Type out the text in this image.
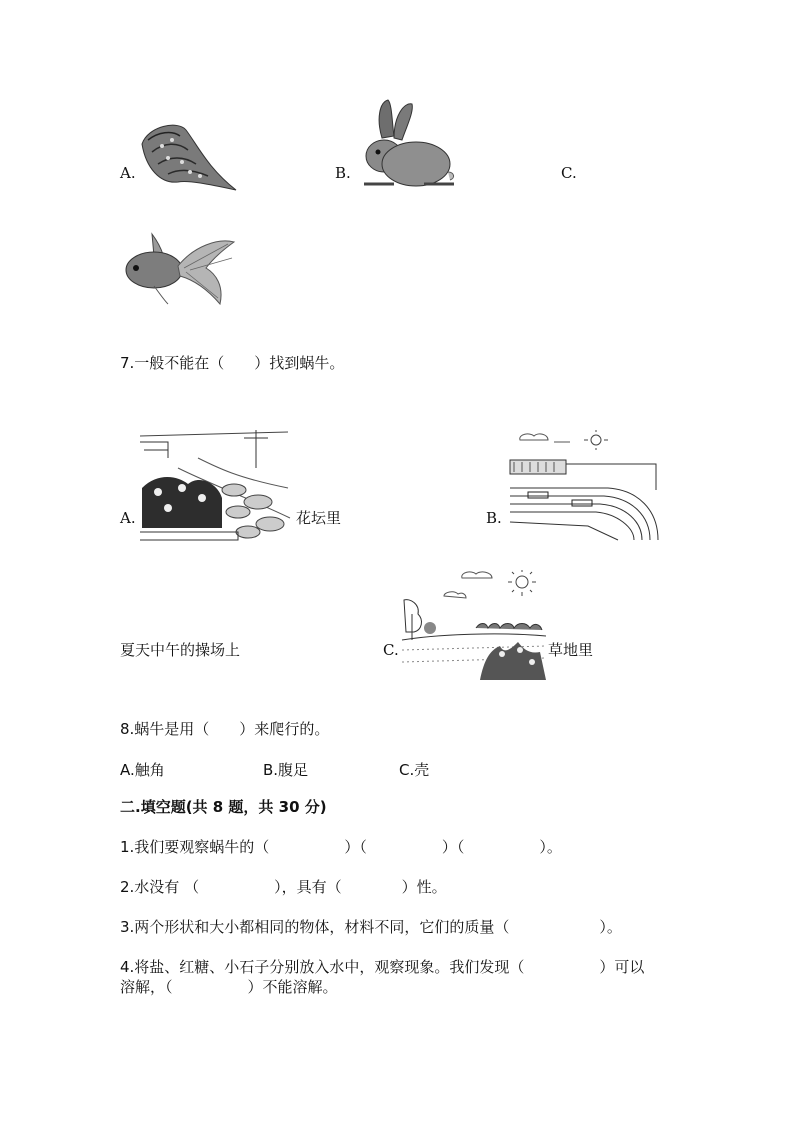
A.	B.	C.
7.一般不能在（　　）找到蜗牛。
A.	花坛里	B.
夏天中午的操场上	C.	草地里
8.蜗牛是用（　　）来爬行的。
A.触角	B.腹足	C.壳
二.填空题(共 8 题，共 30 分)
1.我们要观察蜗牛的（　　　　　）（　　　　　）（　　　　　）。
2.水没有 （　　　　　），具有（　　　　）性。
3.两个形状和大小都相同的物体，材料不同，它们的质量（　　　　　　）。
4.将盐、红糖、小石子分别放入水中，观察现象。我们发现（　　　　　）可以
溶解，（　　　　　）不能溶解。
